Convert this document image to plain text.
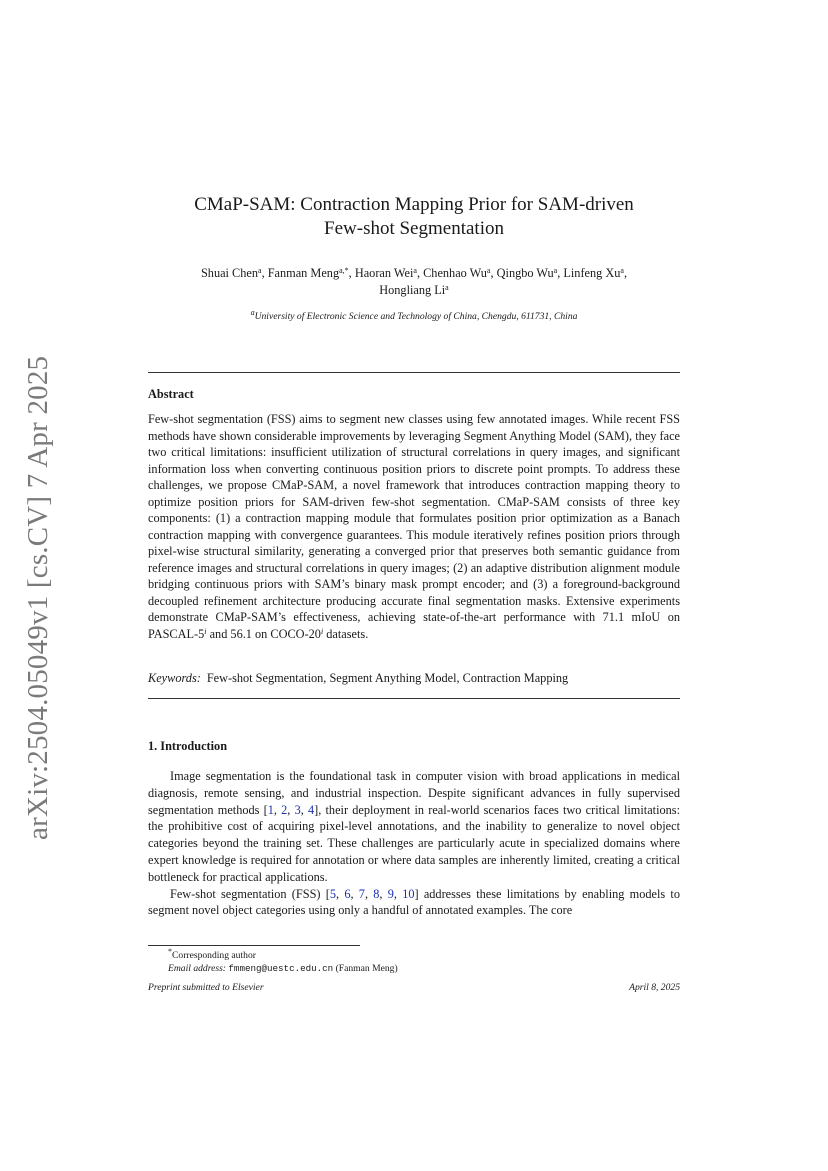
arXiv:2504.05049v1 [cs.CV] 7 Apr 2025
CMaP-SAM: Contraction Mapping Prior for SAM-driven
Few-shot Segmentation
Shuai Chen$^a$, Fanman Meng$^{a,*}$, Haoran Wei$^a$, Chenhao Wu$^a$, Qingbo Wu$^a$, Linfeng Xu$^a$,
Hongliang Li$^a$
$^a$University of Electronic Science and Technology of China, Chengdu, 611731, China
Abstract
Few-shot segmentation (FSS) aims to segment new classes using few annotated images. While recent FSS methods have shown considerable improvements by leveraging Segment Anything Model (SAM), they face two critical limitations: insufficient utilization of structural correlations in query images, and significant information loss when converting continuous position priors to discrete point prompts. To address these challenges, we propose CMaP-SAM, a novel framework that introduces contraction mapping theory to optimize position priors for SAM-driven few-shot segmentation. CMaP-SAM consists of three key components: (1) a contraction mapping module that formulates position prior optimization as a Banach contraction mapping with convergence guarantees. This module iteratively refines position priors through pixel-wise structural similarity, generating a converged prior that preserves both semantic guidance from reference images and structural correlations in query images; (2) an adaptive distribution alignment module bridging continuous priors with SAM’s binary mask prompt encoder; and (3) a foreground-background decoupled refinement architecture producing accurate final segmentation masks. Extensive experiments demonstrate CMaP-SAM’s effectiveness, achieving state-of-the-art performance with 71.1 mIoU on PASCAL-5$^i$ and 56.1 on COCO-20$^i$ datasets.
Keywords: Few-shot Segmentation, Segment Anything Model, Contraction Mapping
1. Introduction

Image segmentation is the foundational task in computer vision with broad applications in medical diagnosis, remote sensing, and industrial inspection. Despite significant advances in fully supervised segmentation methods [1, 2, 3, 4], their deployment in real-world scenarios faces two critical limitations: the prohibitive cost of acquiring pixel-level annotations, and the inability to generalize to novel object categories beyond the training set. These challenges are particularly acute in specialized domains where expert knowledge is required for annotation or where data samples are inherently limited, creating a critical bottleneck for practical applications.

Few-shot segmentation (FSS) [5, 6, 7, 8, 9, 10] addresses these limitations by enabling models to segment novel object categories using only a handful of annotated examples. The core

*Corresponding author
Email address: fmmeng@uestc.edu.cn (Fanman Meng)
Preprint submitted to Elsevier	April 8, 2025
